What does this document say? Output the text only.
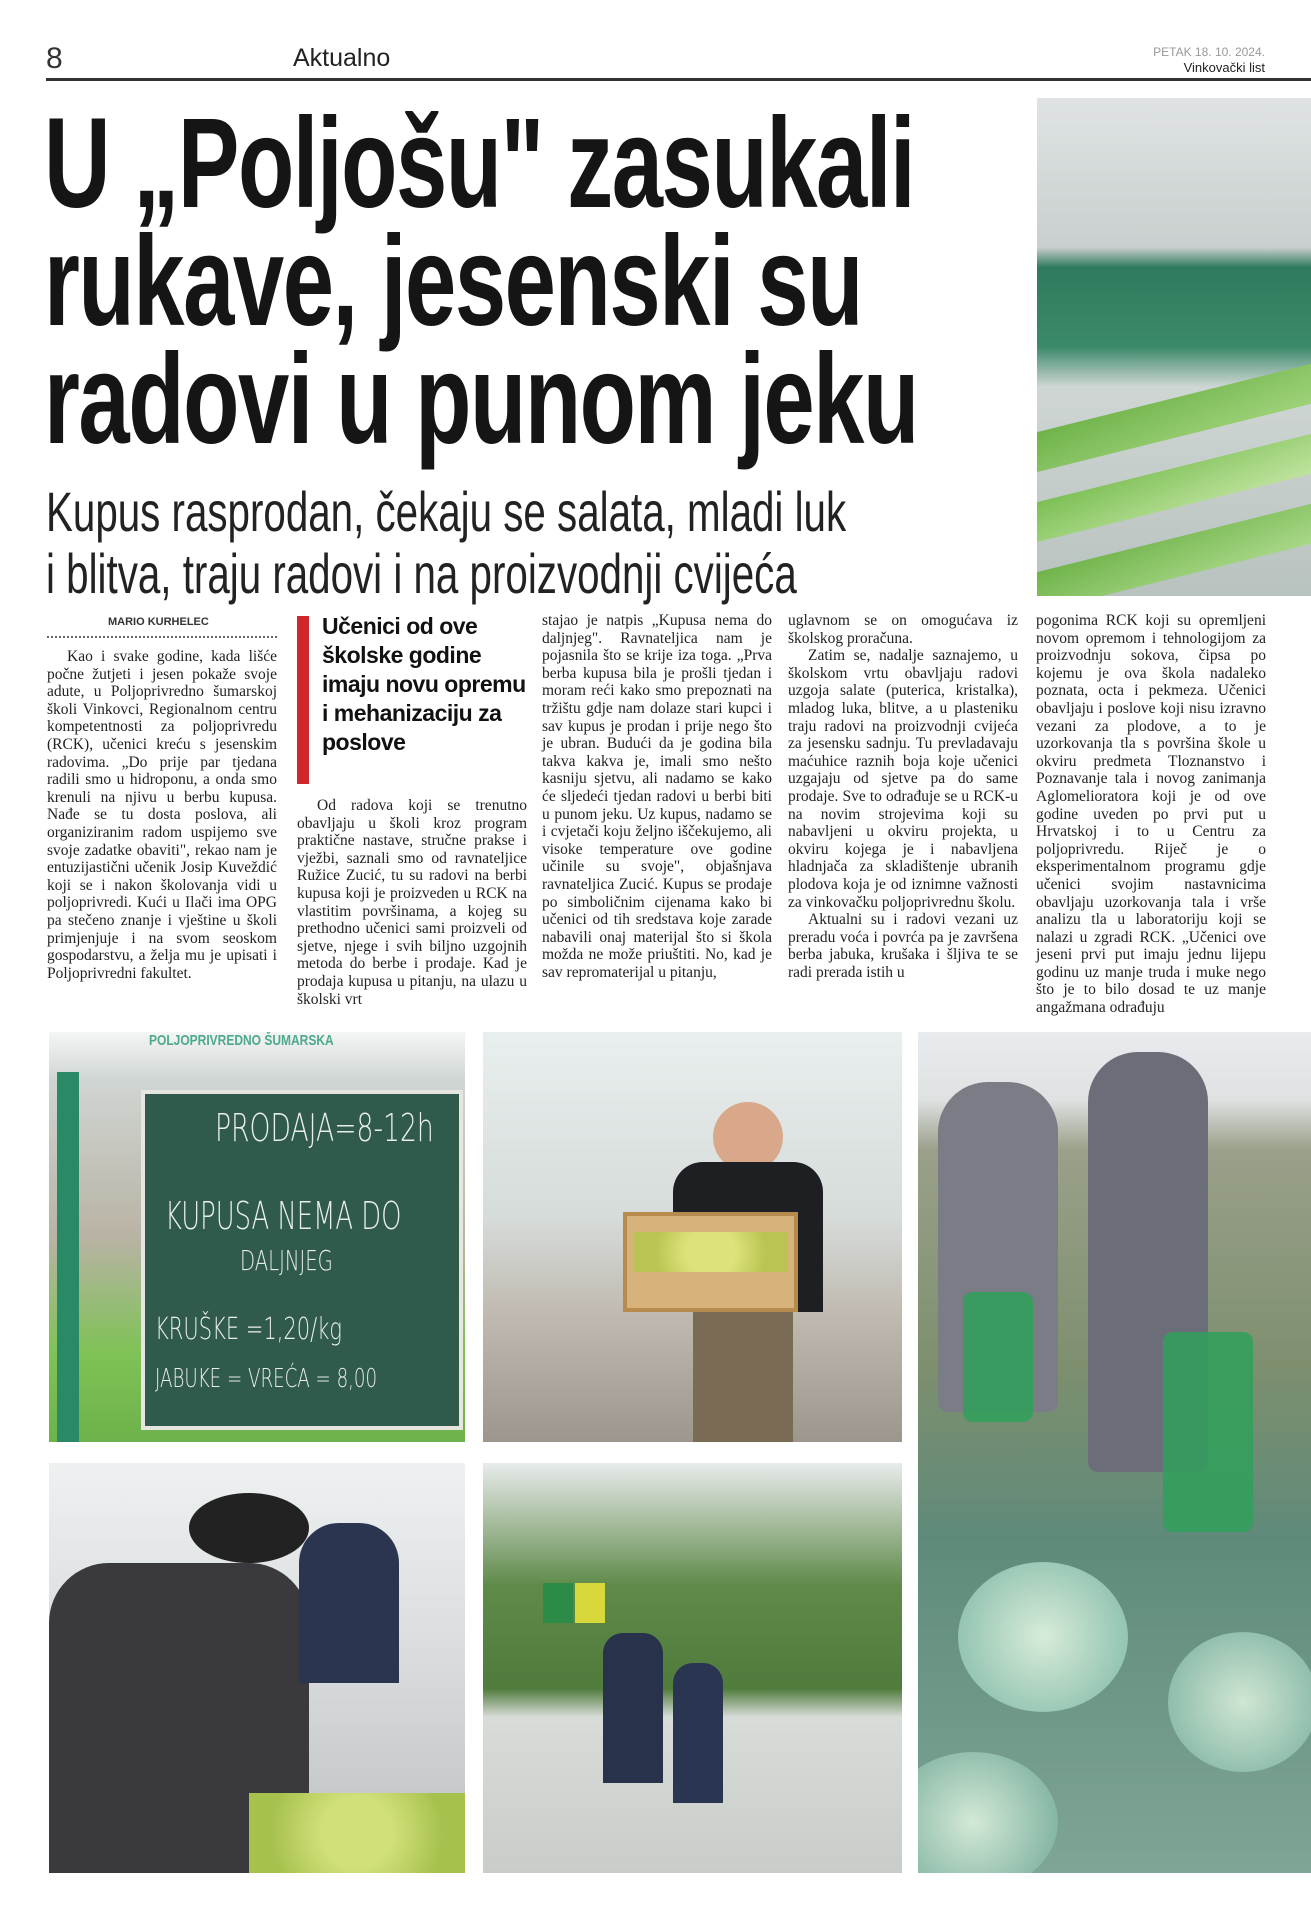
8	Aktualno	PETAK 18. 10. 2024.
Vinkovački list
U „Poljošu" zasukali
rukave, jesenski su
radovi u punom jeku
Kupus rasprodan, čekaju se salata, mladi luk
i blitva, traju radovi i na proizvodnji cvijeća
MARIO KURHELEC	Učenici od ove školske godine imaju novu opremu i mehanizaciju za poslove

Kao i svake godine, kada lišće počne žutjeti i jesen pokaže svoje adute, u Poljoprivredno šumarskoj školi Vinkovci, Regionalnom centru kompetentnosti za poljoprivredu (RCK), učenici kreću s jesenskim radovima. „Do prije par tjedana radili smo u hidroponu, a onda smo krenuli na njivu u berbu kupusa. Nađe se tu dosta poslova, ali organiziranim radom uspijemo sve svoje zadatke obaviti", rekao nam je entuzijastični učenik Josip Kuveždić koji se i nakon školovanja vidi u poljoprivredi. Kući u Ilači ima OPG pa stečeno znanje i vještine u školi primjenjuje i na svom seoskom gospodarstvu, a želja mu je upisati i Poljoprivredni fakultet.

Od radova koji se trenutno obavljaju u školi kroz program praktične nastave, stručne prakse i vježbi, saznali smo od ravnateljice Ružice Zucić, tu su radovi na berbi kupusa koji je proizveden u RCK na vlastitim površinama, a kojeg su prethodno učenici sami proizveli od sjetve, njege i svih biljno uzgojnih metoda do berbe i prodaje. Kad je prodaja kupusa u pitanju, na ulazu u školski vrt

stajao je natpis „Kupusa nema do daljnjeg". Ravnateljica nam je pojasnila što se krije iza toga. „Prva berba kupusa bila je prošli tjedan i moram reći kako smo prepoznati na tržištu gdje nam dolaze stari kupci i sav kupus je prodan i prije nego što je ubran. Budući da je godina bila takva kakva je, imali smo nešto kasniju sjetvu, ali nadamo se kako će sljedeći tjedan radovi u berbi biti u punom jeku. Uz kupus, nadamo se i cvjetači koju željno iščekujemo, ali visoke temperature ove godine učinile su svoje", objašnjava ravnateljica Zucić. Kupus se prodaje po simboličnim cijenama kako bi učenici od tih sredstava koje zarade nabavili onaj materijal što si škola možda ne može priuštiti. No, kad je sav repromaterijal u pitanju,

uglavnom se on omogućava iz školskog proračuna.

Zatim se, nadalje saznajemo, u školskom vrtu obavljaju radovi uzgoja salate (puterica, kristalka), mladog luka, blitve, a u plasteniku traju radovi na proizvodnji cvijeća za jesensku sadnju. Tu prevladavaju maćuhice raznih boja koje učenici uzgajaju od sjetve pa do same prodaje. Sve to odrađuje se u RCK-u na novim strojevima koji su nabavljeni u okviru projekta, u okviru kojega je i nabavljena hladnjača za skladištenje ubranih plodova koja je od iznimne važnosti za vinkovačku poljoprivrednu školu.

Aktualni su i radovi vezani uz preradu voća i povrća pa je završena berba jabuka, krušaka i šljiva te se radi prerada istih u

pogonima RCK koji su opremljeni novom opremom i tehnologijom za proizvodnju sokova, čipsa po kojemu je ova škola nadaleko poznata, octa i pekmeza. Učenici obavljaju i poslove koji nisu izravno vezani za plodove, a to je uzorkovanja tla s površina škole u okviru predmeta Tloznanstvo i Poznavanje tala i novog zanimanja Aglomelioratora koji je od ove godine uveden po prvi put u Hrvatskoj i to u Centru za poljoprivredu. Riječ je o eksperimentalnom programu gdje učenici svojim nastavnicima obavljaju uzorkovanja tala i vrše analizu tla u laboratoriju koji se nalazi u zgradi RCK. „Učenici ove jeseni prvi put imaju jednu lijepu godinu uz manje truda i muke nego što je to bilo dosad te uz manje angažmana odrađuju

POLJOPRIVREDNO ŠUMARSKA
PRODAJA=8-12h
KUPUSA NEMA DO
DALJNJEG
KRUŠKE =1,20/kg
JABUKE = VREĆA = 8,00
